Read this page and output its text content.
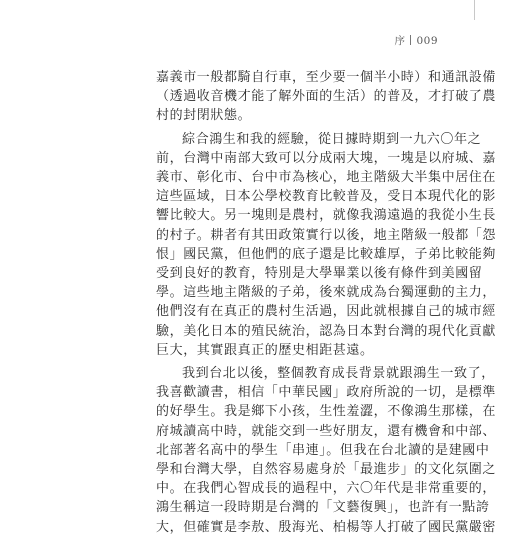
序 009
嘉義市一般都騎自行車，至少要一個半小時）和通訊設備
（透過收音機才能了解外面的生活）的普及，才打破了農
村的封閉狀態。
綜合鴻生和我的經驗，從日據時期到一九六〇年之
前，台灣中南部大致可以分成兩大塊，一塊是以府城、嘉
義市、彰化市、台中市為核心，地主階級大半集中居住在
這些區域，日本公學校教育比較普及，受日本現代化的影
響比較大。另一塊則是農村，就像我鴻遠過的我從小生長
的村子。耕者有其田政策實行以後，地主階級一般都「怨
恨」國民黨，但他們的底子還是比較雄厚，子弟比較能夠
受到良好的教育，特別是大學畢業以後有條件到美國留
學。這些地主階級的子弟，後來就成為台獨運動的主力，
他們沒有在真正的農村生活過，因此就根據自己的城市經
驗，美化日本的殖民統治，認為日本對台灣的現代化貢獻
巨大，其實跟真正的歷史相距甚遠。
我到台北以後，整個教育成長背景就跟鴻生一致了，
我喜歡讀書，相信「中華民國」政府所說的一切，是標準
的好學生。我是鄉下小孩，生性羞澀，不像鴻生那樣，在
府城讀高中時，就能交到一些好朋友，還有機會和中部、
北部著名高中的學生「串連」。但我在台北讀的是建國中
學和台灣大學，自然容易處身於「最進步」的文化氛圍之
中。在我們心智成長的過程中，六〇年代是非常重要的，
鴻生稱這一段時期是台灣的「文藝復興」，也許有一點誇
大，但確實是李敖、殷海光、柏楊等人打破了國民黨嚴密
